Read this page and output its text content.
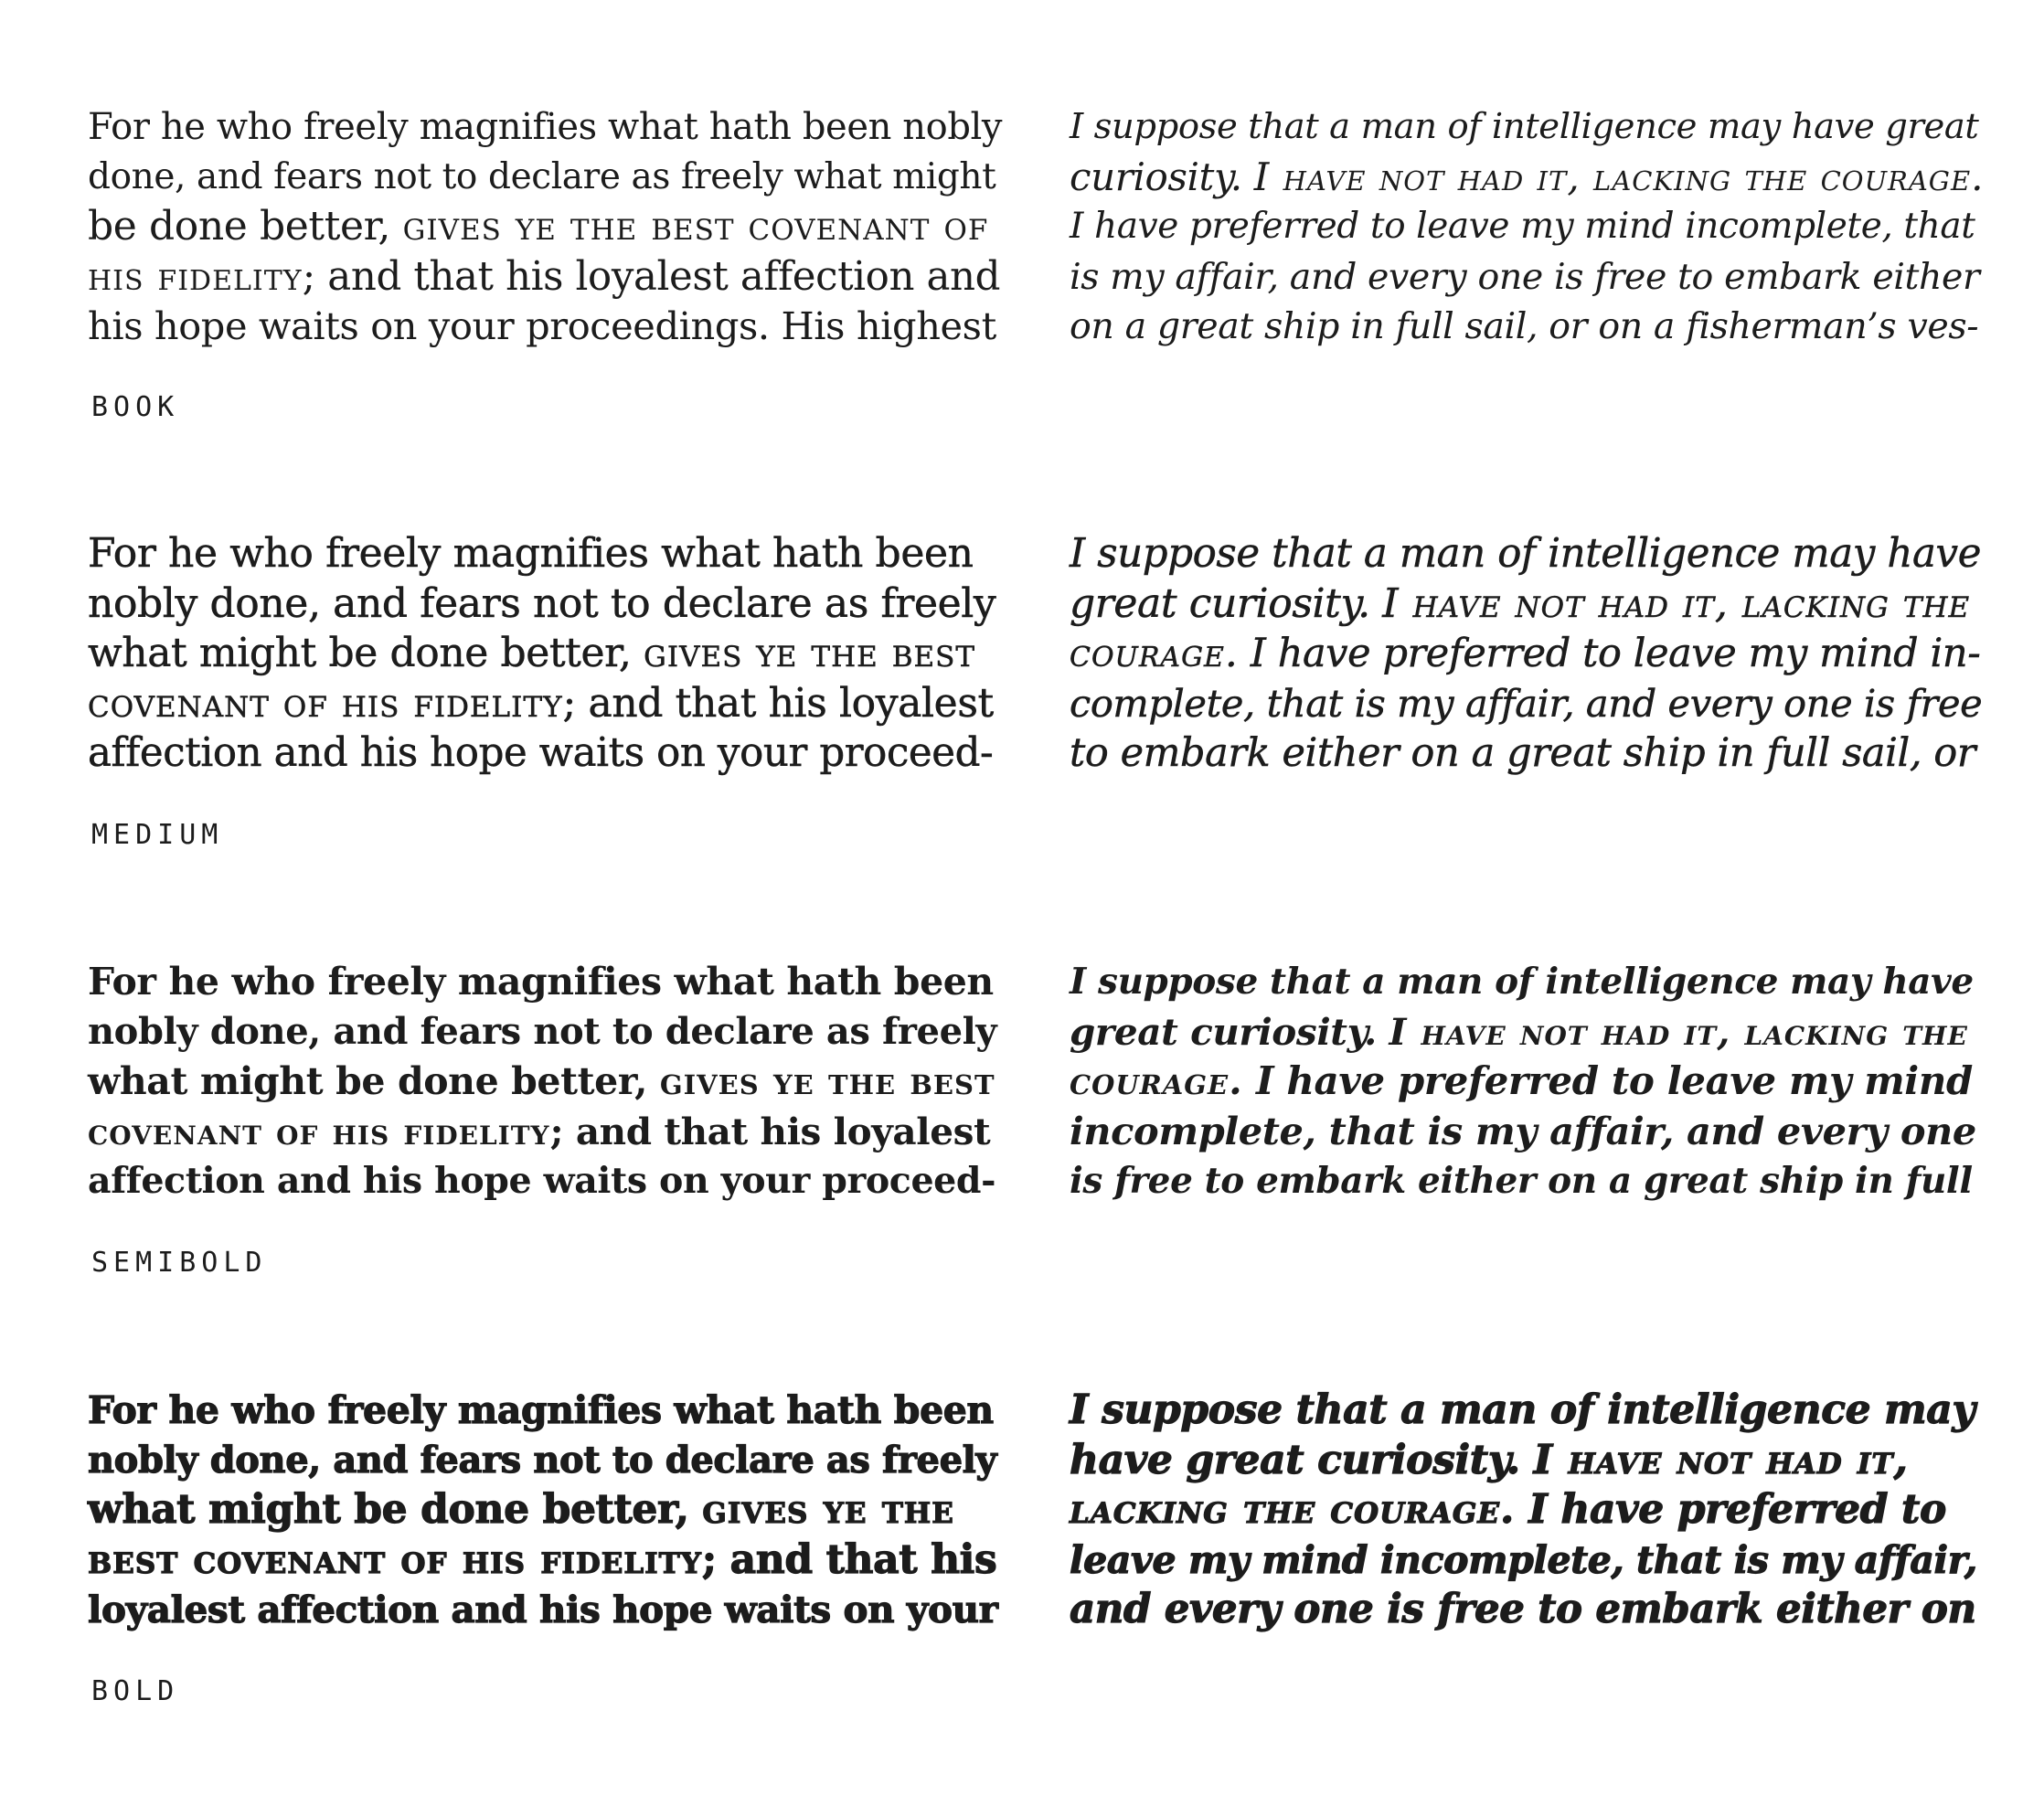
For he who freely magnifies what hath been nobly
done, and fears not to declare as freely what might
be done better, gives ye the best covenant of
his fidelity; and that his loyalest affection and
his hope waits on your proceedings. His highest
I suppose that a man of intelligence may have great
curiosity. I have not had it, lacking the courage.
I have preferred to leave my mind incomplete, that
is my affair, and every one is free to embark either
on a great ship in full sail, or on a fisherman’s ves-
BOOK
For he who freely magnifies what hath been
nobly done, and fears not to declare as freely
what might be done better, gives ye the best
covenant of his fidelity; and that his loyalest
affection and his hope waits on your proceed-
I suppose that a man of intelligence may have
great curiosity. I have not had it, lacking the
courage. I have preferred to leave my mind in-
complete, that is my affair, and every one is free
to embark either on a great ship in full sail, or
MEDIUM
For he who freely magnifies what hath been
nobly done, and fears not to declare as freely
what might be done better, gives ye the best
covenant of his fidelity; and that his loyalest
affection and his hope waits on your proceed-
I suppose that a man of intelligence may have
great curiosity. I have not had it, lacking the
courage. I have preferred to leave my mind
incomplete, that is my affair, and every one
is free to embark either on a great ship in full
SEMIBOLD
For he who freely magnifies what hath been
nobly done, and fears not to declare as freely
what might be done better, gives ye the
best covenant of his fidelity; and that his
loyalest affection and his hope waits on your
I suppose that a man of intelligence may
have great curiosity. I have not had it,
lacking the courage. I have preferred to
leave my mind incomplete, that is my affair,
and every one is free to embark either on
BOLD
